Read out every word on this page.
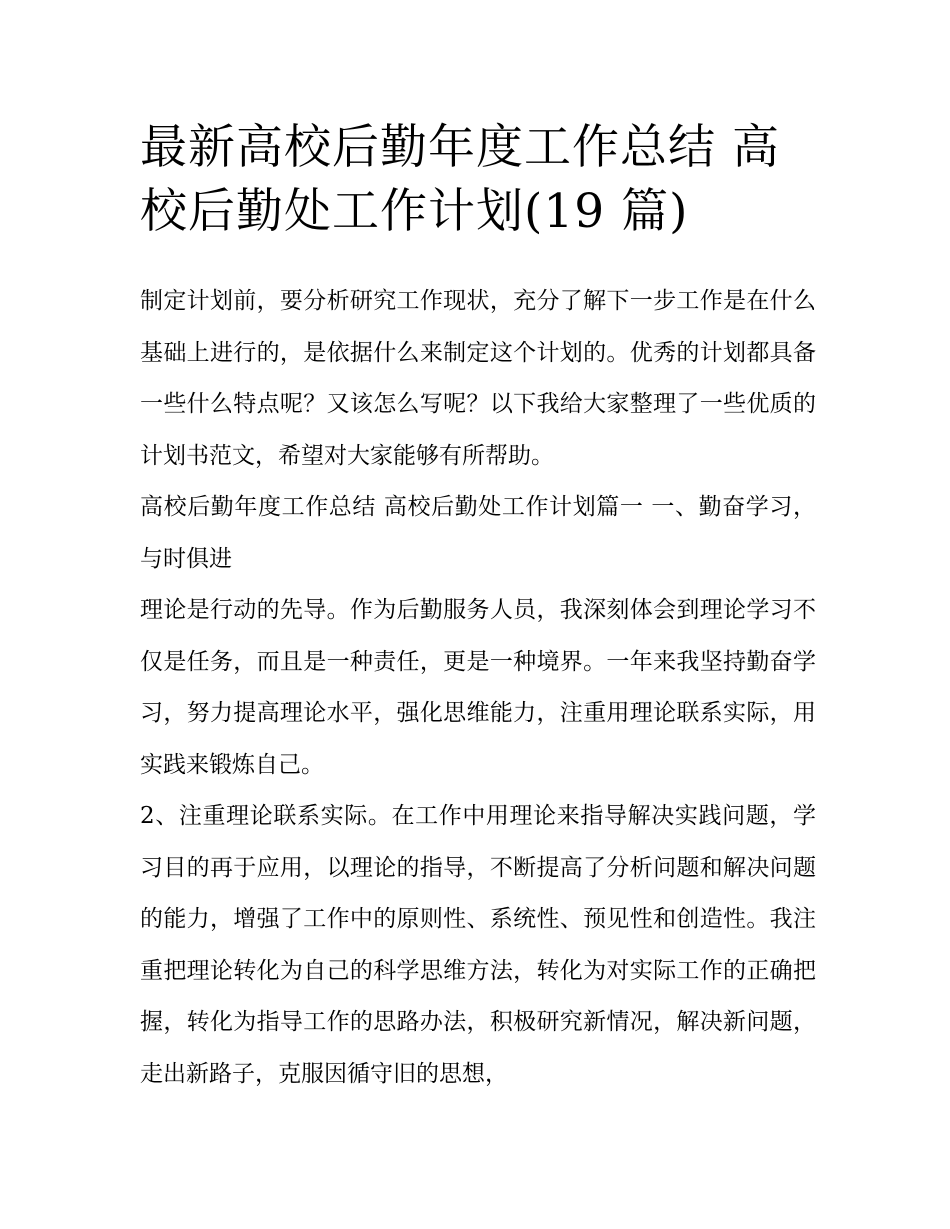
最新高校后勤年度工作总结 高校后勤处工作计划(19 篇)

制定计划前，要分析研究工作现状，充分了解下一步工作是在什么基础上进行的，是依据什么来制定这个计划的。优秀的计划都具备一些什么特点呢？又该怎么写呢？以下我给大家整理了一些优质的计划书范文，希望对大家能够有所帮助。

高校后勤年度工作总结 高校后勤处工作计划篇一 一、勤奋学习，与时俱进

理论是行动的先导。作为后勤服务人员，我深刻体会到理论学习不仅是任务，而且是一种责任，更是一种境界。一年来我坚持勤奋学习，努力提高理论水平，强化思维能力，注重用理论联系实际，用实践来锻炼自己。

2、注重理论联系实际。在工作中用理论来指导解决实践问题，学习目的再于应用，以理论的指导，不断提高了分析问题和解决问题的能力，增强了工作中的原则性、系统性、预见性和创造性。我注重把理论转化为自己的科学思维方法，转化为对实际工作的正确把握，转化为指导工作的思路办法，积极研究新情况，解决新问题，走出新路子，克服因循守旧的思想，
